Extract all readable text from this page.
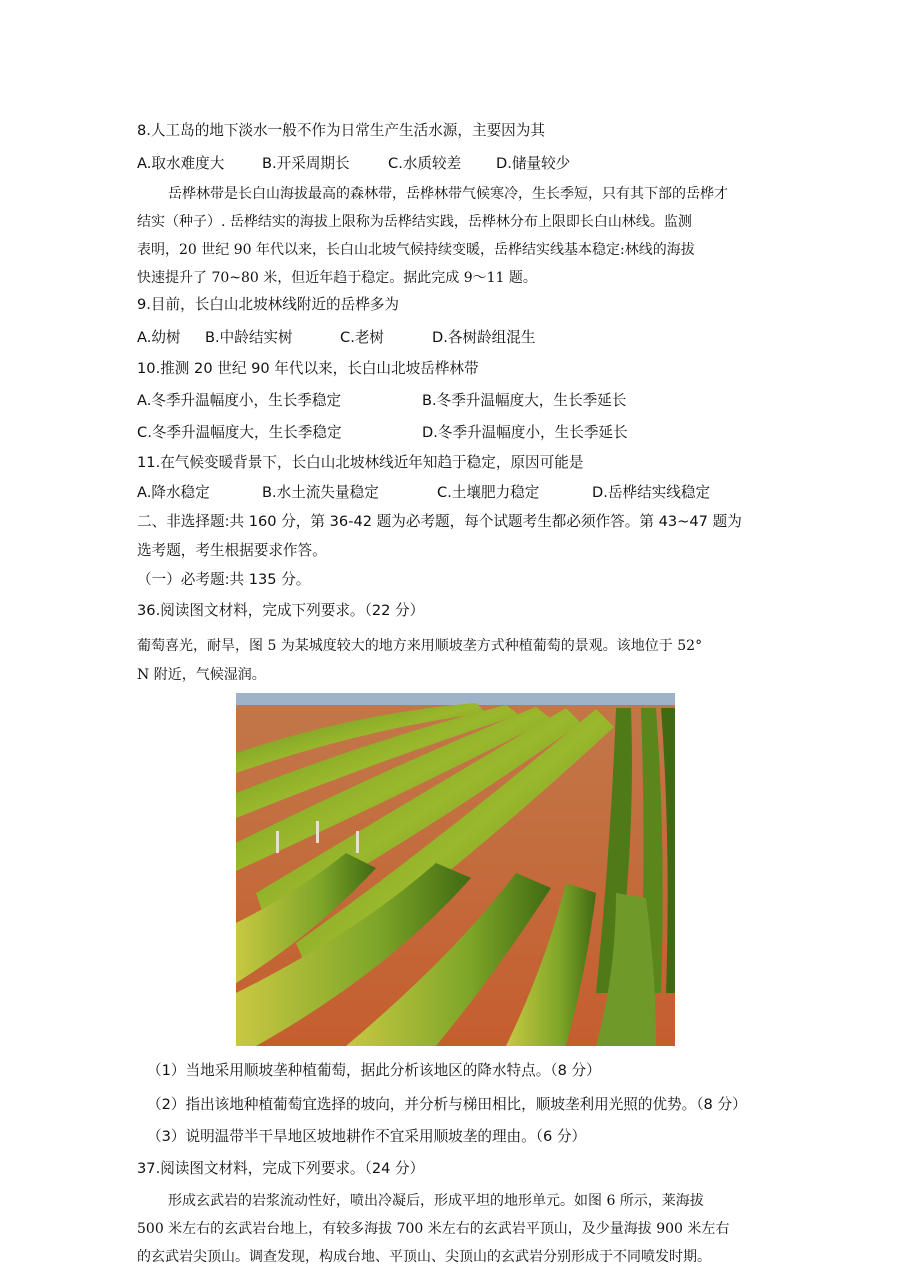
8.人工岛的地下淡水一般不作为日常生产生活水源，主要因为其
A.取水难度大	B.开采周期长	C.水质较差 D.储量较少
岳桦林带是长白山海拔最高的森林带，岳桦林带气候寒冷，生长季短，只有其下部的岳桦才
结实（种子）. 岳桦结实的海拔上限称为岳桦结实践，岳桦林分布上限即长白山林线。监测
表明，20 世纪 90 年代以来，长白山北坡气候持续变暖，岳桦结实线基本稳定:林线的海拔
快速提升了 70~80 米，但近年趋于稳定。据此完成 9～11 题。
9.目前，长白山北坡林线附近的岳桦多为
A.幼树 B.中龄结实树	C.老树	D.各树龄组混生
10.推测 20 世纪 90 年代以来，长白山北坡岳桦林带
A.冬季升温幅度小，生长季稳定	B.冬季升温幅度大，生长季延长
C.冬季升温幅度大，生长季稳定	D.冬季升温幅度小，生长季延长
11.在气候变暖背景下，长白山北坡林线近年知趋于稳定，原因可能是
A.降水稳定	B.水土流失量稳定	C.土壤肥力稳定	D.岳桦结实线稳定
二、非选择题:共 160 分，第 36-42 题为必考题，每个试题考生都必须作答。第 43~47 题为
选考题，考生根据要求作答。
（一）必考题:共 135 分。
36.阅读图文材料，完成下列要求。（22 分）
葡萄喜光，耐旱，图 5 为某城度较大的地方来用顺坡垄方式种植葡萄的景观。该地位于 52°
N 附近，气候湿润。
（1）当地采用顺坡垄种植葡萄，据此分析该地区的降水特点。（8 分）
（2）指出该地种植葡萄宜选择的坡向，并分析与梯田相比，顺坡垄利用光照的优势。（8 分）
（3）说明温带半干旱地区坡地耕作不宜采用顺坡垄的理由。（6 分）
37.阅读图文材料，完成下列要求。（24 分）
形成玄武岩的岩浆流动性好，喷出冷凝后，形成平坦的地形单元。如图 6 所示，莱海拔
500 米左右的玄武岩台地上，有较多海拔 700 米左右的玄武岩平顶山，及少量海拔 900 米左右
的玄武岩尖顶山。调查发现，构成台地、平顶山、尖顶山的玄武岩分别形成于不同喷发时期。
